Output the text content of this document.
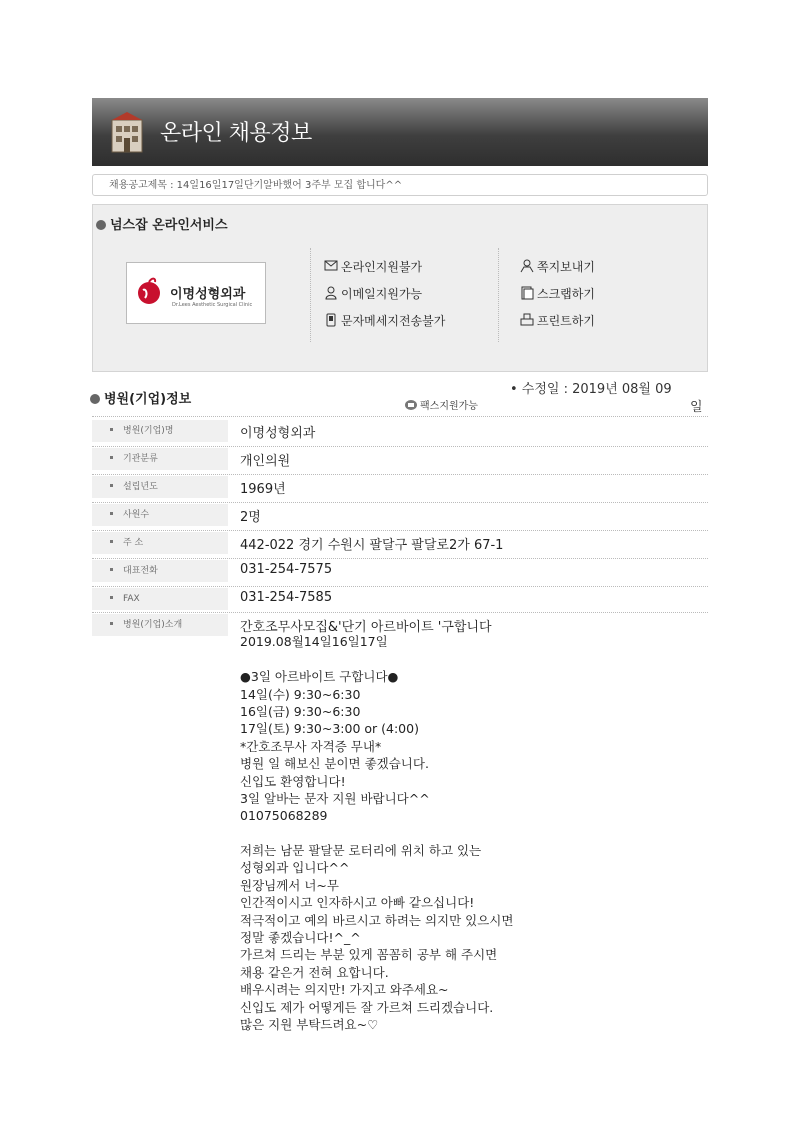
온라인 채용정보
채용공고제목 : 14일16일17일단기알바했어 3주부 모집 합니다^^
넘스잡 온라인서비스
이명성형외과
Dr.Lees Aesthetic Surgical Clinic
온라인지원불가
이메일지원가능
문자메세지전송불가
쪽지보내기
스크랩하기
프린트하기
병원(기업)정보
• 수정일 : 2019년 08월 09
일
팩스지원가능
병원(기업)명	이명성형외과
기관분류	개인의원
설립년도	1969년
사원수	2명
주 소	442-022 경기 수원시 팔달구 팔달로2가 67-1
대표전화	031-254-7575
FAX	031-254-7585
병원(기업)소개	간호조무사모집&'단기 아르바이트 '구합니다
2019.08월14일16일17일
●3일 아르바이트 구합니다●
14일(수) 9:30~6:30
16일(금) 9:30~6:30
17일(토) 9:30~3:00 or (4:00)
*간호조무사 자격증 무내*
병원 일 해보신 분이면 좋겠습니다.
신입도 환영합니다!
3일 알바는 문자 지원 바랍니다^^
01075068289
저희는 남문 팔달문 로터리에 위치 하고 있는
성형외과 입니다^^
원장님께서 너~무
인간적이시고 인자하시고 아빠 같으십니다!
적극적이고 예의 바르시고 하려는 의지만 있으시면
정말 좋겠습니다!^_^
가르쳐 드리는 부분 있게 꼼꼼히 공부 해 주시면
채용 같은거 전혀 요합니다.
배우시려는 의지만! 가지고 와주세요~
신입도 제가 어떻게든 잘 가르쳐 드리겠습니다.
많은 지원 부탁드려요~♡
